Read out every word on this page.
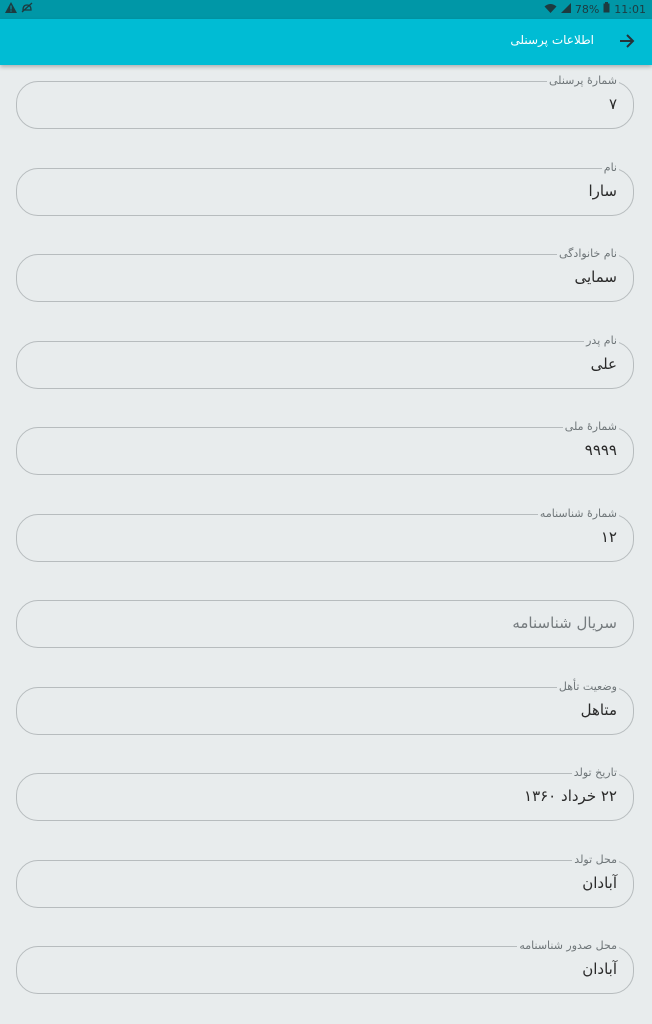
78% 11:01
اطلاعات پرسنلی
شمارهٔ پرسنلی
۷
نام
سارا
نام خانوادگی
سمایی
نام پدر
علی
شمارهٔ ملی
۹۹۹۹
شمارهٔ شناسنامه
۱۲
سریال شناسنامه
وضعیت تأهل
متاهل
تاریخ تولد
۲۲ خرداد ۱۳۶۰
محل تولد
آبادان
محل صدور شناسنامه
آبادان
